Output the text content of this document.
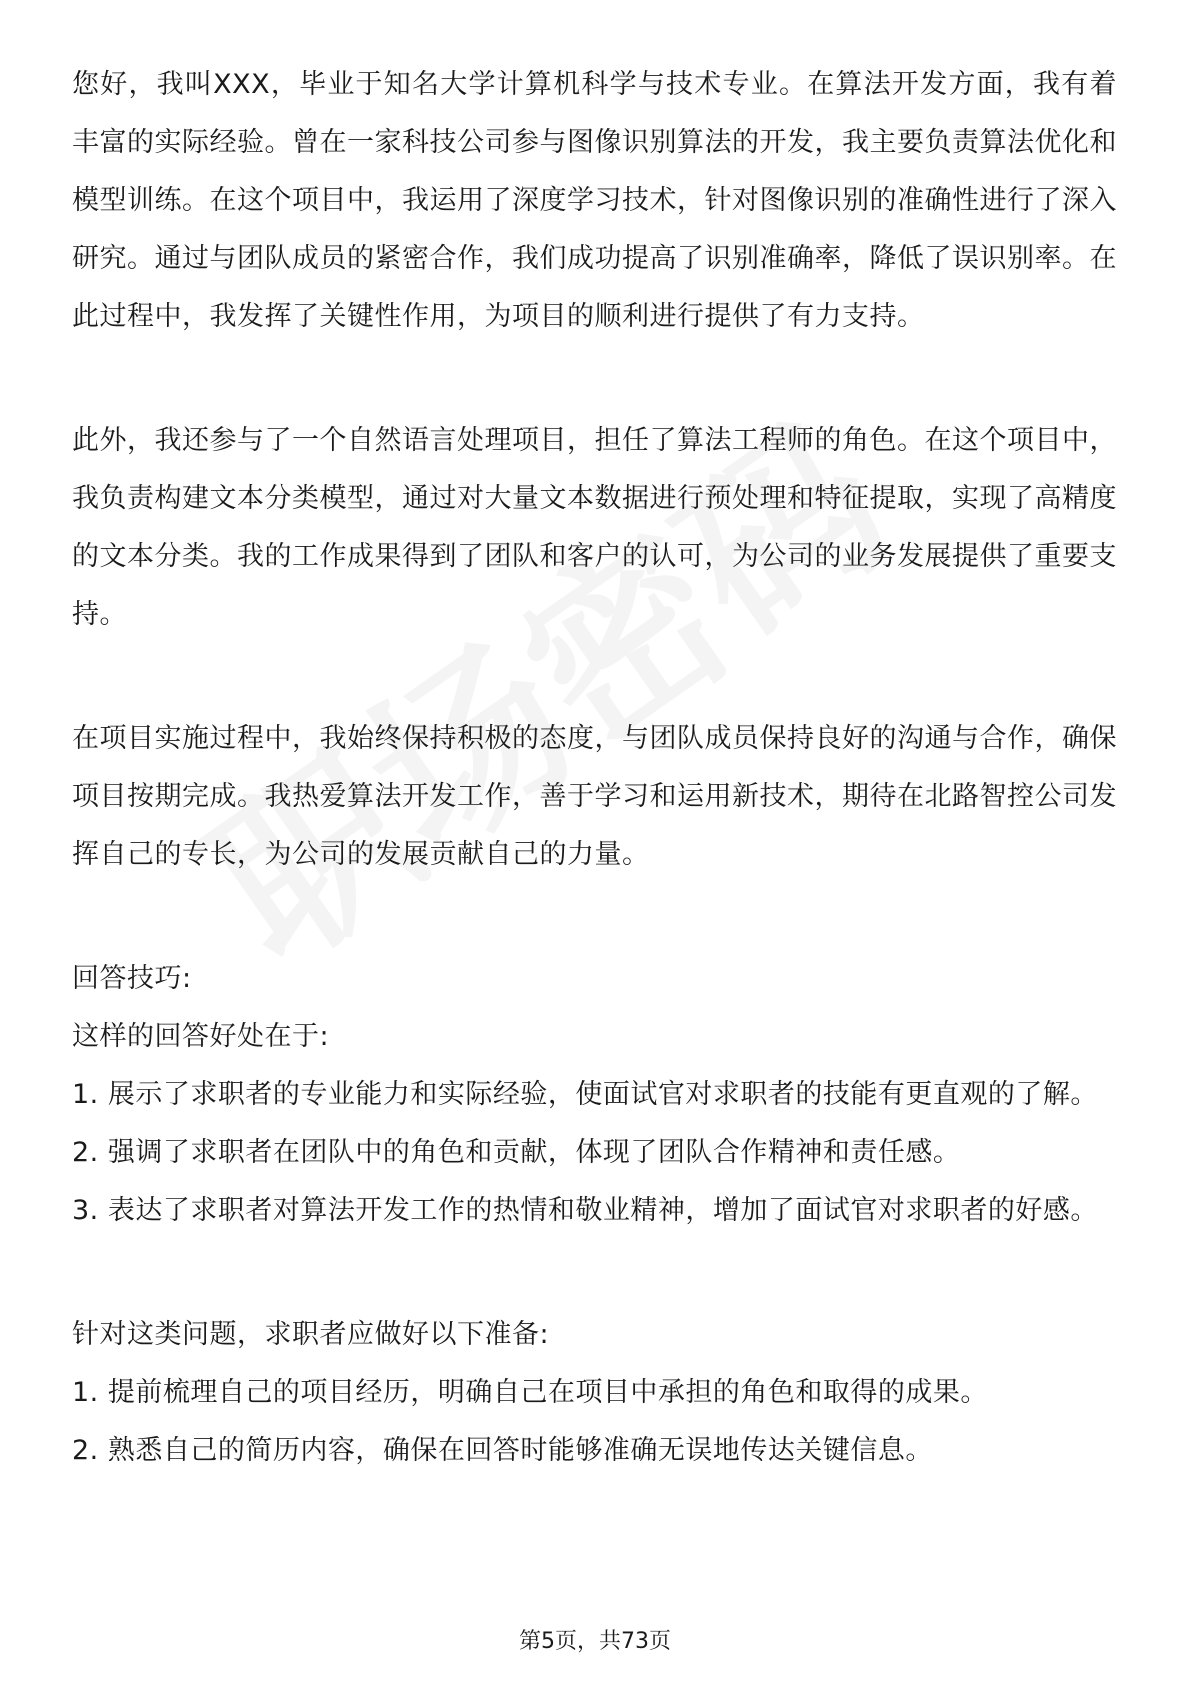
您好，我叫XXX，毕业于知名大学计算机科学与技术专业。在算法开发方面，我有着丰富的实际经验。曾在一家科技公司参与图像识别算法的开发，我主要负责算法优化和模型训练。在这个项目中，我运用了深度学习技术，针对图像识别的准确性进行了深入研究。通过与团队成员的紧密合作，我们成功提高了识别准确率，降低了误识别率。在此过程中，我发挥了关键性作用，为项目的顺利进行提供了有力支持。

此外，我还参与了一个自然语言处理项目，担任了算法工程师的角色。在这个项目中，我负责构建文本分类模型，通过对大量文本数据进行预处理和特征提取，实现了高精度的文本分类。我的工作成果得到了团队和客户的认可，为公司的业务发展提供了重要支持。

在项目实施过程中，我始终保持积极的态度，与团队成员保持良好的沟通与合作，确保项目按期完成。我热爱算法开发工作，善于学习和运用新技术，期待在北路智控公司发挥自己的专长，为公司的发展贡献自己的力量。

回答技巧:

这样的回答好处在于:

1. 展示了求职者的专业能力和实际经验，使面试官对求职者的技能有更直观的了解。

2. 强调了求职者在团队中的角色和贡献，体现了团队合作精神和责任感。

3. 表达了求职者对算法开发工作的热情和敬业精神，增加了面试官对求职者的好感。

针对这类问题，求职者应做好以下准备:

1. 提前梳理自己的项目经历，明确自己在项目中承担的角色和取得的成果。

2. 熟悉自己的简历内容，确保在回答时能够准确无误地传达关键信息。

第5页，共73页
